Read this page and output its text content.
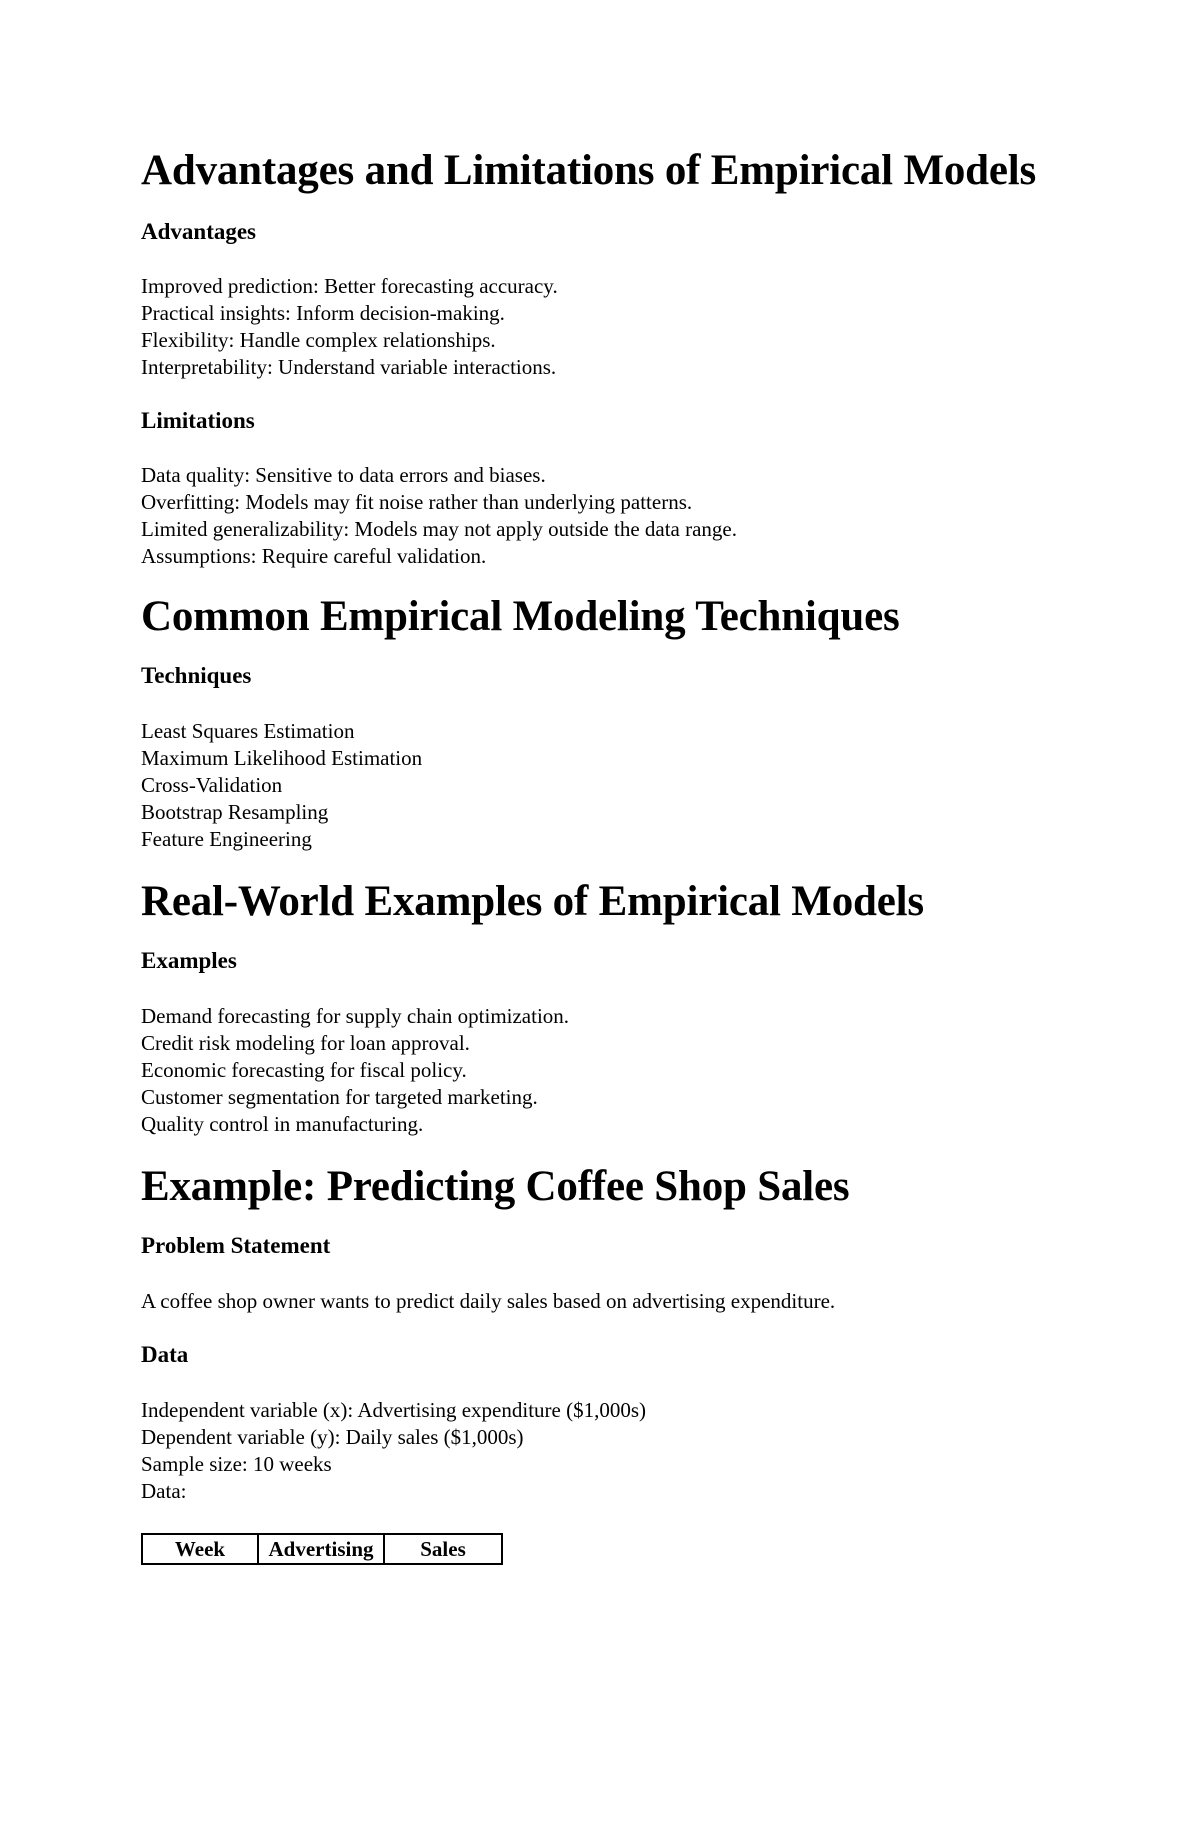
Advantages and Limitations of Empirical Models
Advantages
Improved prediction: Better forecasting accuracy.
Practical insights: Inform decision-making.
Flexibility: Handle complex relationships.
Interpretability: Understand variable interactions.
Limitations
Data quality: Sensitive to data errors and biases.
Overfitting: Models may fit noise rather than underlying patterns.
Limited generalizability: Models may not apply outside the data range.
Assumptions: Require careful validation.
Common Empirical Modeling Techniques
Techniques
Least Squares Estimation
Maximum Likelihood Estimation
Cross-Validation
Bootstrap Resampling
Feature Engineering
Real-World Examples of Empirical Models
Examples
Demand forecasting for supply chain optimization.
Credit risk modeling for loan approval.
Economic forecasting for fiscal policy.
Customer segmentation for targeted marketing.
Quality control in manufacturing.
Example: Predicting Coffee Shop Sales
Problem Statement

A coffee shop owner wants to predict daily sales based on advertising expenditure.

Data
Independent variable (x): Advertising expenditure ($1,000s)
Dependent variable (y): Daily sales ($1,000s)
Sample size: 10 weeks
Data:
Week	Advertising	Sales
